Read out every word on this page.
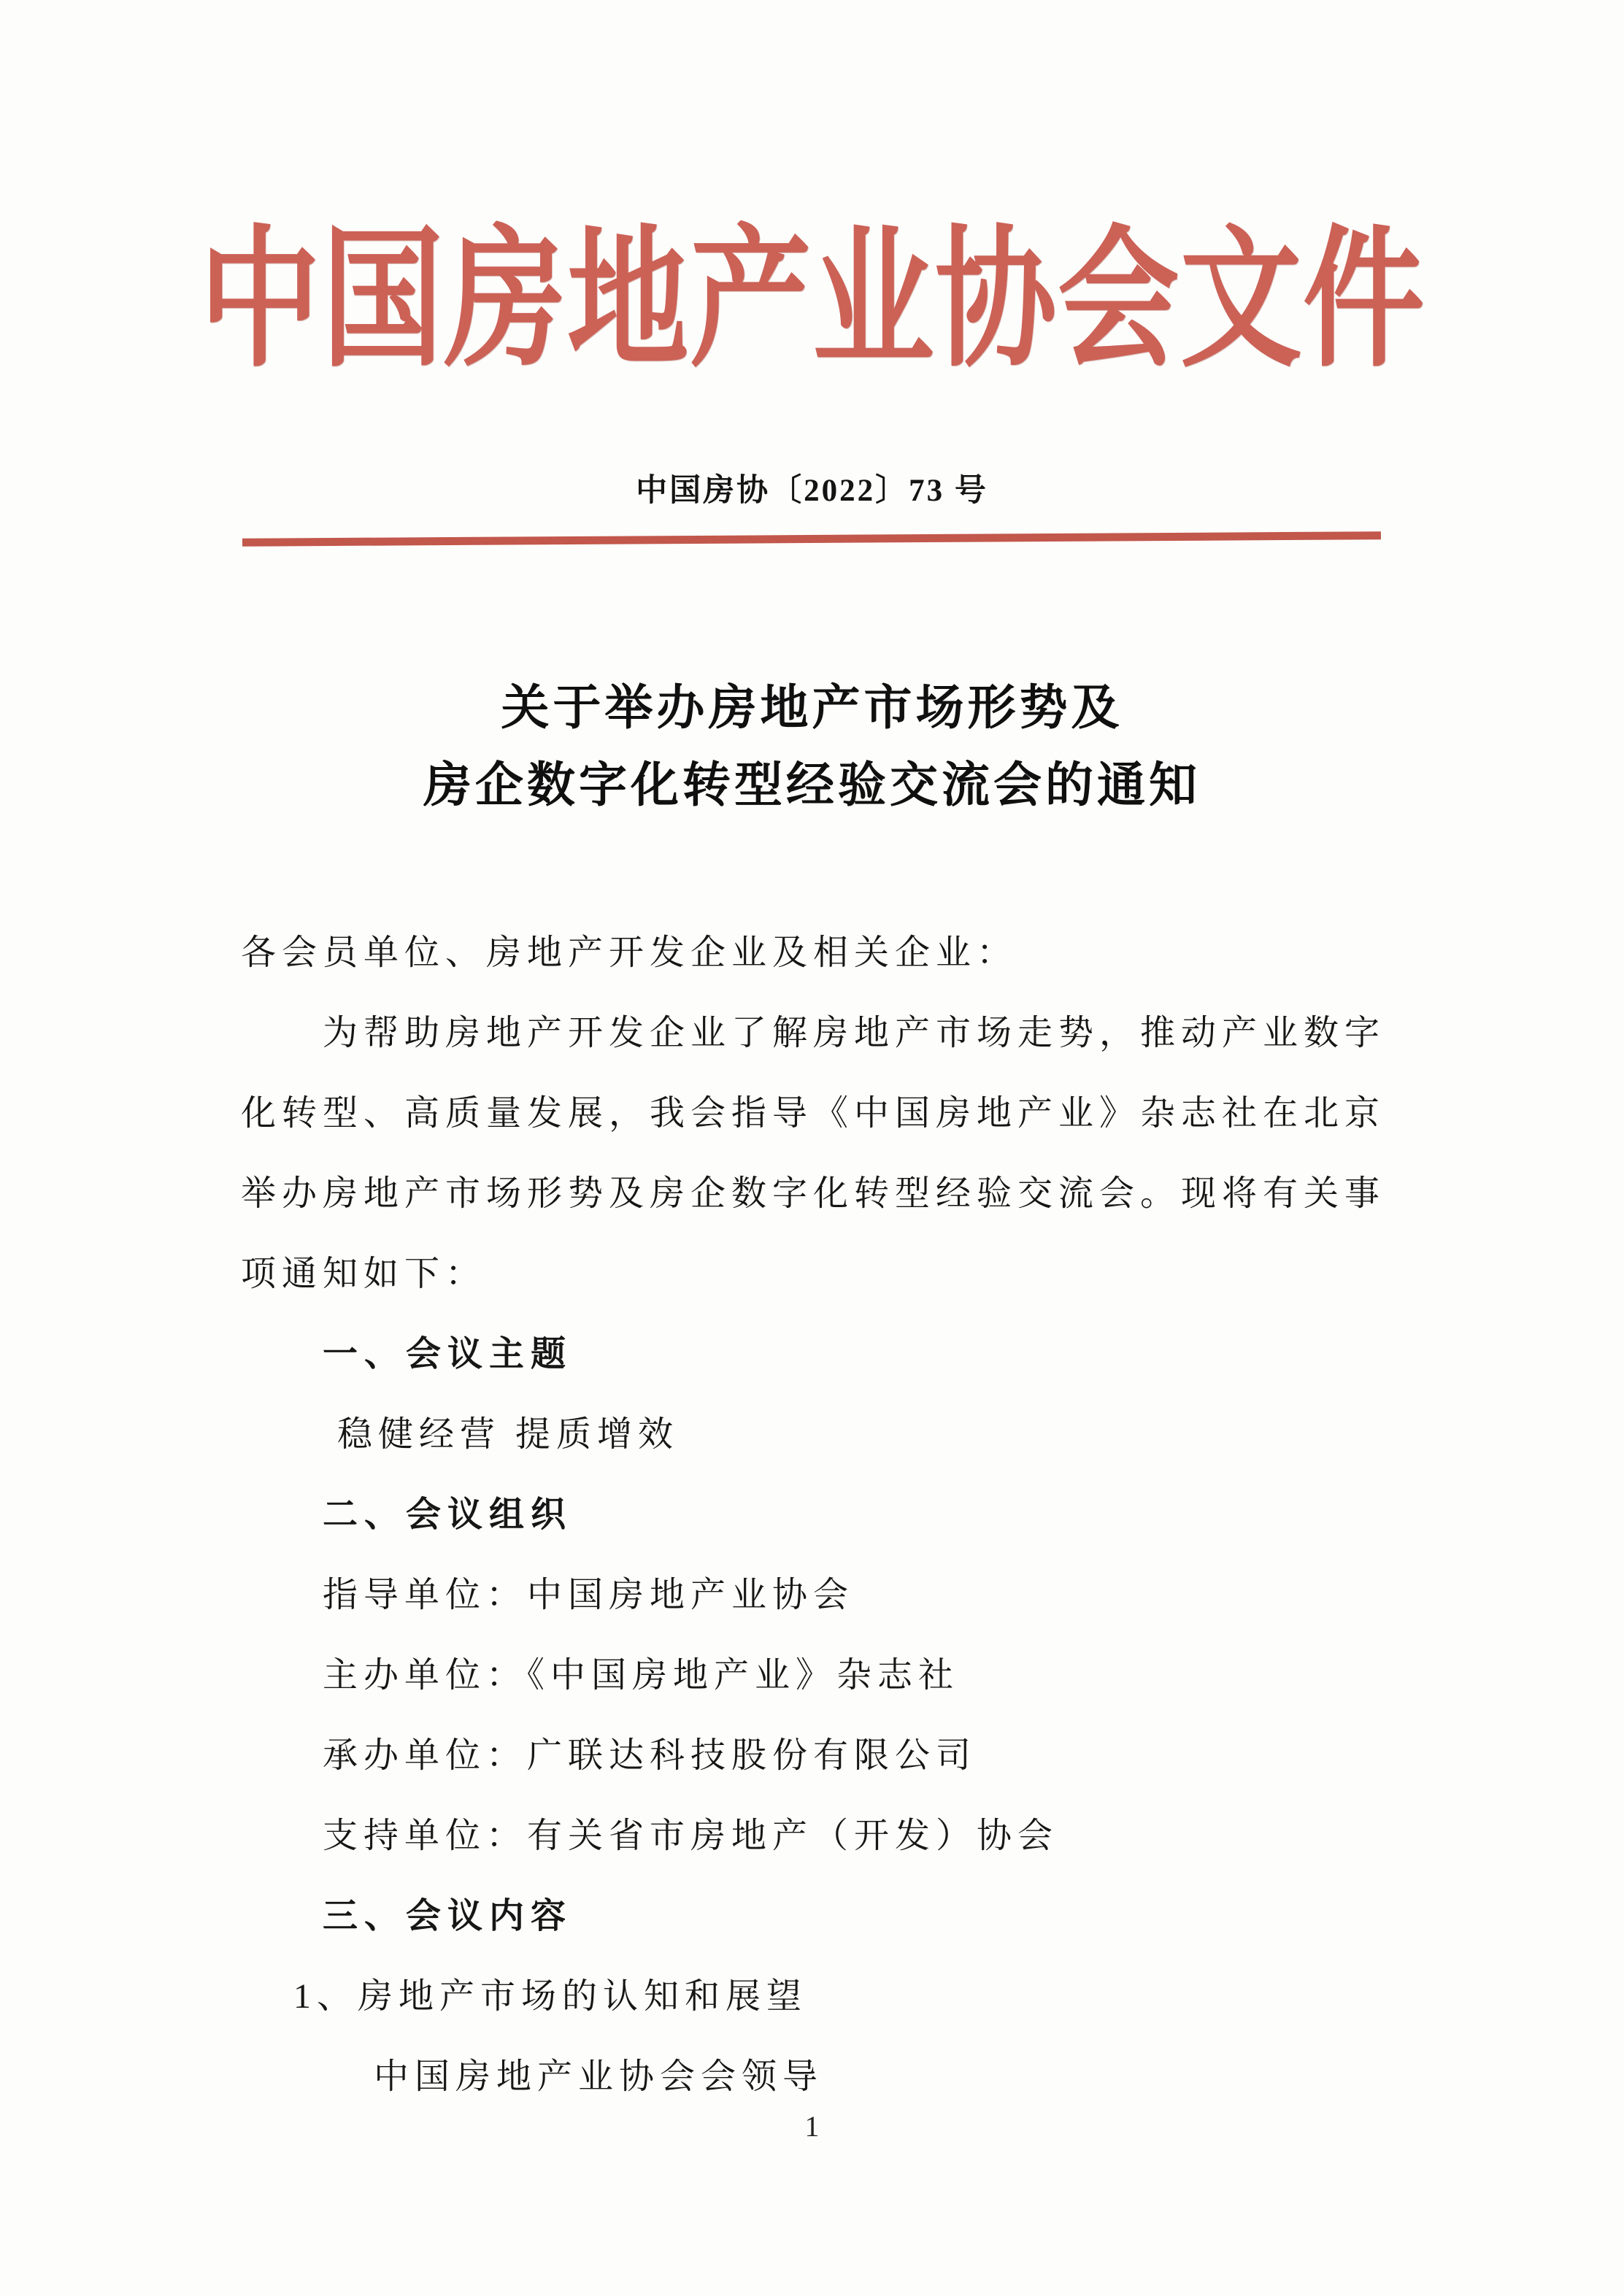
中国房地产业协会文件
中国房协〔2022〕73 号
关于举办房地产市场形势及
房企数字化转型经验交流会的通知
各会员单位、房地产开发企业及相关企业：
为帮助房地产开发企业了解房地产市场走势，推动产业数字
化转型、高质量发展，我会指导《中国房地产业》杂志社在北京
举办房地产市场形势及房企数字化转型经验交流会。现将有关事
项通知如下：
一、会议主题
稳健经营 提质增效
二、会议组织
指导单位：中国房地产业协会
主办单位：《中国房地产业》杂志社
承办单位：广联达科技股份有限公司
支持单位：有关省市房地产（开发）协会
三、会议内容
1、房地产市场的认知和展望
中国房地产业协会会领导
1
